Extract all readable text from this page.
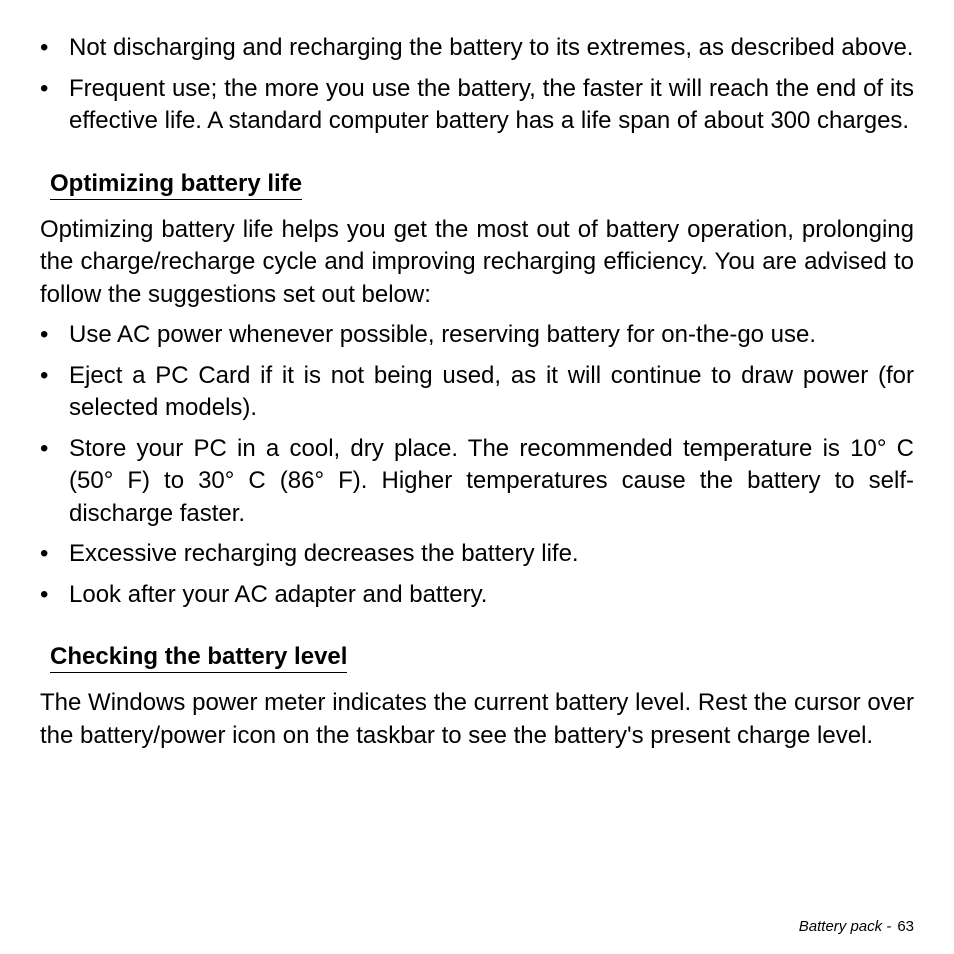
• Not discharging and recharging the battery to its extremes, as described above.
• Frequent use; the more you use the battery, the faster it will reach the end of its effective life. A standard computer battery has a life span of about 300 charges.
Optimizing battery life

Optimizing battery life helps you get the most out of battery operation, prolonging the charge/recharge cycle and improving recharging efficiency. You are advised to follow the suggestions set out below:

• Use AC power whenever possible, reserving battery for on-the-go use.
• Eject a PC Card if it is not being used, as it will continue to draw power (for selected models).
• Store your PC in a cool, dry place. The recommended temperature is 10° C (50° F) to 30° C (86° F). Higher temperatures cause the battery to self-discharge faster.
• Excessive recharging decreases the battery life.
• Look after your AC adapter and battery.
Checking the battery level

The Windows power meter indicates the current battery level. Rest the cursor over the battery/power icon on the taskbar to see the battery's present charge level.

Battery pack - 63
